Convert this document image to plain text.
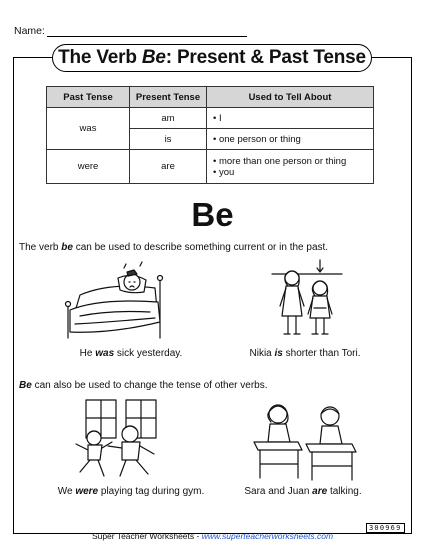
Name:
The Verb Be: Present & Past Tense
Past Tense	Present Tense	Used to Tell About
was	am	• I
	is	• one person or thing
were	are	• more than one person or thing
• you
Be
The verb be can be used to describe something current or in the past.
He was sick yesterday.	Nikia is shorter than Tori.
Be can also be used to change the tense of other verbs.
We were playing tag during gym.	Sara and Juan are talking.
300969
Super Teacher Worksheets - www.superteacherworksheets.com
